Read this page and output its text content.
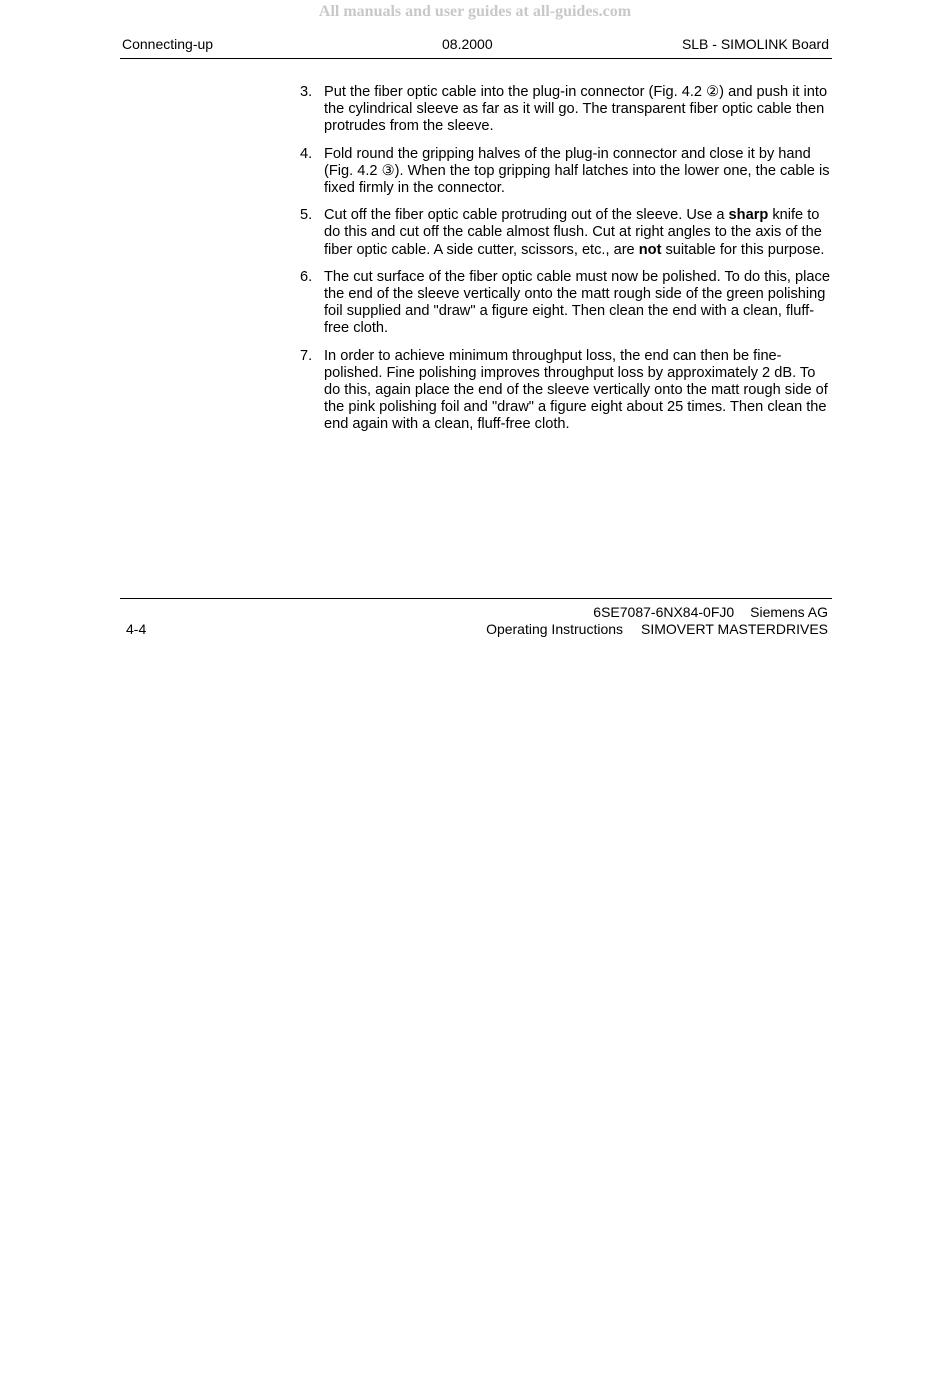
All manuals and user guides at all-guides.com
Connecting-up	08.2000	SLB - SIMOLINK Board
3. Put the fiber optic cable into the plug-in connector (Fig. 4.2 ②) and push it into the cylindrical sleeve as far as it will go. The transparent fiber optic cable then protrudes from the sleeve.
4. Fold round the gripping halves of the plug-in connector and close it by hand (Fig. 4.2 ③). When the top gripping half latches into the lower one, the cable is fixed firmly in the connector.
5. Cut off the fiber optic cable protruding out of the sleeve. Use a sharp knife to do this and cut off the cable almost flush. Cut at right angles to the axis of the fiber optic cable. A side cutter, scissors, etc., are not suitable for this purpose.
6. The cut surface of the fiber optic cable must now be polished. To do this, place the end of the sleeve vertically onto the matt rough side of the green polishing foil supplied and "draw" a figure eight. Then clean the end with a clean, fluff-free cloth.
7. In order to achieve minimum throughput loss, the end can then be fine-polished. Fine polishing improves throughput loss by approximately 2 dB. To do this, again place the end of the sleeve vertically onto the matt rough side of the pink polishing foil and "draw" a figure eight about 25 times. Then clean the end again with a clean, fluff-free cloth.
4-4
6SE7087-6NX84-0FJ0 Siemens AG
Operating Instructions SIMOVERT MASTERDRIVES
